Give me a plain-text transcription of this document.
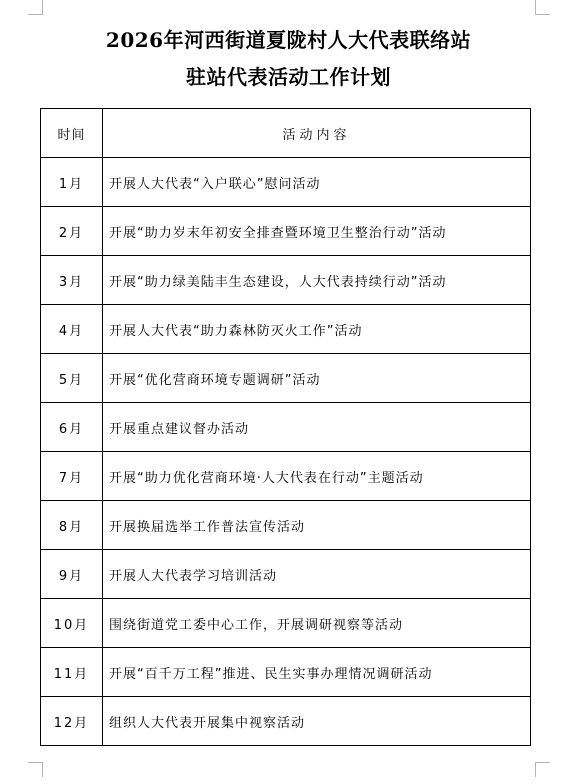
2026年河西街道夏陇村人大代表联络站
驻站代表活动工作计划
时间	活动内容
1月	开展人大代表“入户联心”慰问活动
2月	开展“助力岁末年初安全排查暨环境卫生整治行动”活动
3月	开展“助力绿美陆丰生态建设，人大代表持续行动”活动
4月	开展人大代表“助力森林防灭火工作”活动
5月	开展“优化营商环境专题调研”活动
6月	开展重点建议督办活动
7月	开展“助力优化营商环境·人大代表在行动”主题活动
8月	开展换届选举工作普法宣传活动
9月	开展人大代表学习培训活动
10月	围绕街道党工委中心工作，开展调研视察等活动
11月	开展“百千万工程”推进、民生实事办理情况调研活动
12月	组织人大代表开展集中视察活动
